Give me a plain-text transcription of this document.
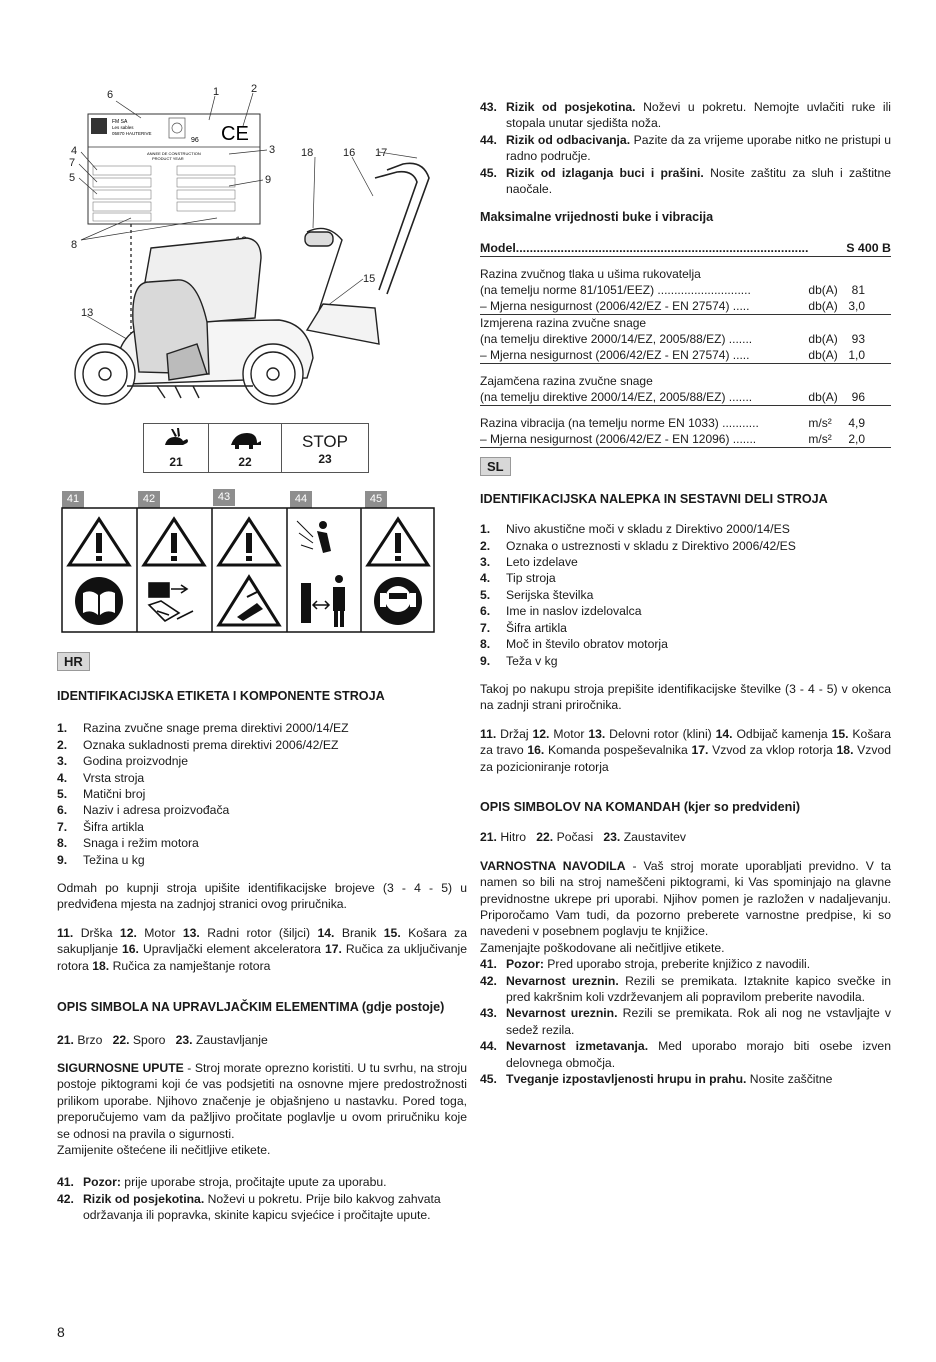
FM SA
Les sables
05870 HAUTERIVE
96 CE
ANNEE DE CONSTRUCTION
PRODUCT YEAR
6	1	2
3 18	16 17
4
7
5	9
8
15
13
21	22
STOP
23
41	42	43	44	45
HR

IDENTIFIKACIJSKA ETIKETA I KOMPONENTE STROJA

1. Razina zvučne snage prema direktivi 2000/14/EZ
2. Oznaka sukladnosti prema direktivi 2006/42/EZ
3. Godina proizvodnje
4. Vrsta stroja
5. Matični broj
6. Naziv i adresa proizvođača
7. Šifra artikla
8. Snaga i režim motora
9. Težina u kg

Odmah po kupnji stroja upišite identifikacijske brojeve (3 - 4 - 5) u predviđena mjesta na zadnjoj stranici ovog priručnika.

11. Drška 12. Motor 13. Radni rotor (šiljci) 14. Branik 15. Košara za sakupljanje 16. Upravljački element akceleratora 17. Ručica za uključivanje rotora 18. Ručica za namještanje rotora

OPIS SIMBOLA NA UPRAVLJAČKIM ELEMENTIMA (gdje postoje)

21. Brzo 22. Sporo 23. Zaustavljanje

SIGURNOSNE UPUTE - Stroj morate oprezno koristiti. U tu svrhu, na stroju postoje piktogrami koji će vas podsjetiti na osnovne mjere predostrožnosti prilikom uporabe. Njihovo značenje je objašnjeno u nastavku. Pored toga, preporučujemo vam da pažljivo pročitate poglavlje u ovom priručniku koje se odnosi na pravila o sigurnosti.

Zamijenite oštećene ili nečitljive etikete.

41. Pozor: prije uporabe stroja, pročitajte upute za uporabu.
42. Rizik od posjekotina. Noževi u pokretu. Prije bilo kakvog zahvata održavanja ili popravka, skinite kapicu svjećice i pročitajte upute.
43. Rizik od posjekotina. Noževi u pokretu. Nemojte uvlačiti ruke ili stopala unutar sjedišta noža.
44. Rizik od odbacivanja. Pazite da za vrijeme uporabe nitko ne pristupi u radno područje.
45. Rizik od izlaganja buci i prašini. Nosite zaštitu za sluh i zaštitne naočale.

Maksimalne vrijednosti buke i vibracija

Model.....................................................................................	S 400 B	

Razina zvučnog tlaka u ušima rukovatelja		
(na temelju norme 81/1051/EEZ) ............................	db(A)	81
– Mjerna nesigurnost (2006/42/EZ - EN 27574) .....	db(A)	3,0
Izmjerena razina zvučne snage		
(na temelju direktive 2000/14/EZ, 2005/88/EZ) .......	db(A)	93
– Mjerna nesigurnost (2006/42/EZ - EN 27574) .....	db(A)	1,0

Zajamčena razina zvučne snage		
(na temelju direktive 2000/14/EZ, 2005/88/EZ) .......	db(A)	96

Razina vibracija (na temelju norme EN 1033) ...........	m/s²	4,9
– Mjerna nesigurnost (2006/42/EZ - EN 12096) .......	m/s²	2,0
SL

IDENTIFIKACIJSKA NALEPKA IN SESTAVNI DELI STROJA

1. Nivo akustične moči v skladu z Direktivo 2000/14/ES
2. Oznaka o ustreznosti v skladu z Direktivo 2006/42/ES
3. Leto izdelave
4. Tip stroja
5. Serijska številka
6. Ime in naslov izdelovalca
7. Šifra artikla
8. Moč in število obratov motorja
9. Teža v kg

Takoj po nakupu stroja prepišite identifikacijske številke (3 - 4 - 5) v okenca na zadnji strani priročnika.

11. Držaj 12. Motor 13. Delovni rotor (klini) 14. Odbijač kamenja 15. Košara za travo 16. Komanda pospeševalnika 17. Vzvod za vklop rotorja 18. Vzvod za pozicioniranje rotorja

OPIS SIMBOLOV NA KOMANDAH (kjer so predvideni)

21. Hitro 22. Počasi 23. Zaustavitev

VARNOSTNA NAVODILA - Vaš stroj morate uporabljati previdno. V ta namen so bili na stroj nameščeni piktogrami, ki Vas spominjajo na glavne previdnostne ukrepe pri uporabi. Njihov pomen je razložen v nadaljevanju. Priporočamo Vam tudi, da pozorno preberete varnostne predpise, ki so navedeni v posebnem poglavju te knjižice.

Zamenjajte poškodovane ali nečitljive etikete.

41. Pozor: Pred uporabo stroja, preberite knjižico z navodili.
42. Nevarnost ureznin. Rezili se premikata. Iztaknite kapico svečke in pred kakršnim koli vzdrževanjem ali popravilom preberite navodila.
43. Nevarnost ureznin. Rezili se premikata. Rok ali nog ne vstavljajte v sedež rezila.
44. Nevarnost izmetavanja. Med uporabo morajo biti osebe izven delovnega območja.
45. Tveganje izpostavljenosti hrupu in prahu. Nosite zaščitne
8
